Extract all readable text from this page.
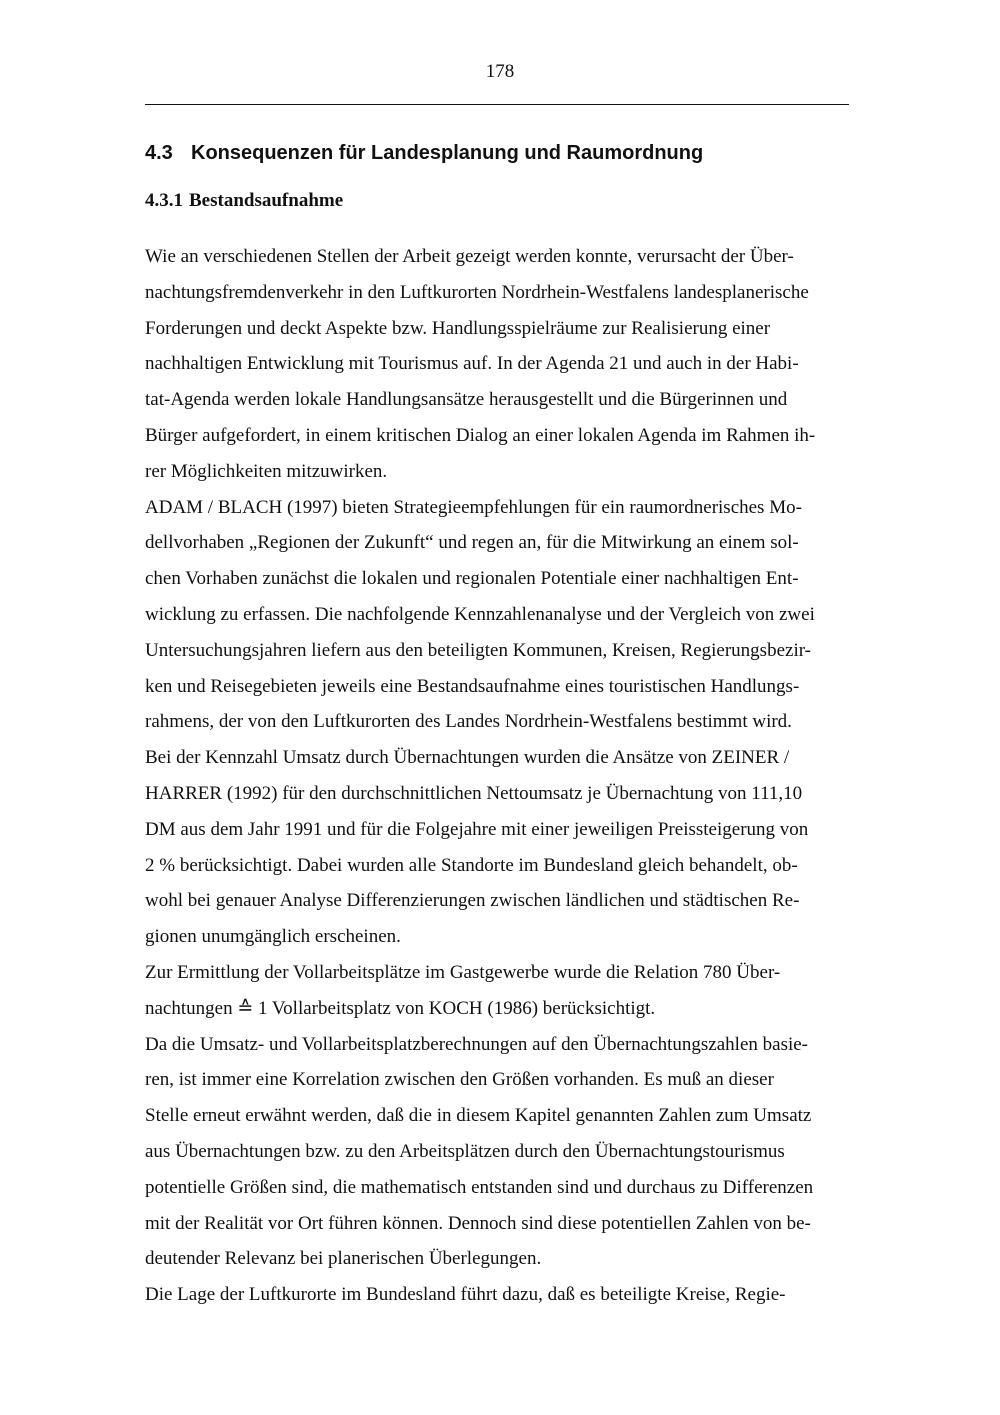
178
4.3 Konsequenzen für Landesplanung und Raumordnung
4.3.1 Bestandsaufnahme
Wie an verschiedenen Stellen der Arbeit gezeigt werden konnte, verursacht der Über-
nachtungsfremdenverkehr in den Luftkurorten Nordrhein-Westfalens landesplanerische
Forderungen und deckt Aspekte bzw. Handlungsspielräume zur Realisierung einer
nachhaltigen Entwicklung mit Tourismus auf. In der Agenda 21 und auch in der Habi-
tat-Agenda werden lokale Handlungsansätze herausgestellt und die Bürgerinnen und
Bürger aufgefordert, in einem kritischen Dialog an einer lokalen Agenda im Rahmen ih-
rer Möglichkeiten mitzuwirken.
ADAM / BLACH (1997) bieten Strategieempfehlungen für ein raumordnerisches Mo-
dellvorhaben „Regionen der Zukunft“ und regen an, für die Mitwirkung an einem sol-
chen Vorhaben zunächst die lokalen und regionalen Potentiale einer nachhaltigen Ent-
wicklung zu erfassen. Die nachfolgende Kennzahlenanalyse und der Vergleich von zwei
Untersuchungsjahren liefern aus den beteiligten Kommunen, Kreisen, Regierungsbezir-
ken und Reisegebieten jeweils eine Bestandsaufnahme eines touristischen Handlungs-
rahmens, der von den Luftkurorten des Landes Nordrhein-Westfalens bestimmt wird.
Bei der Kennzahl Umsatz durch Übernachtungen wurden die Ansätze von ZEINER /
HARRER (1992) für den durchschnittlichen Nettoumsatz je Übernachtung von 111,10
DM aus dem Jahr 1991 und für die Folgejahre mit einer jeweiligen Preissteigerung von
2 % berücksichtigt. Dabei wurden alle Standorte im Bundesland gleich behandelt, ob-
wohl bei genauer Analyse Differenzierungen zwischen ländlichen und städtischen Re-
gionen unumgänglich erscheinen.
Zur Ermittlung der Vollarbeitsplätze im Gastgewerbe wurde die Relation 780 Über-
nachtungen ≙ 1 Vollarbeitsplatz von KOCH (1986) berücksichtigt.
Da die Umsatz- und Vollarbeitsplatzberechnungen auf den Übernachtungszahlen basie-
ren, ist immer eine Korrelation zwischen den Größen vorhanden. Es muß an dieser
Stelle erneut erwähnt werden, daß die in diesem Kapitel genannten Zahlen zum Umsatz
aus Übernachtungen bzw. zu den Arbeitsplätzen durch den Übernachtungstourismus
potentielle Größen sind, die mathematisch entstanden sind und durchaus zu Differenzen
mit der Realität vor Ort führen können. Dennoch sind diese potentiellen Zahlen von be-
deutender Relevanz bei planerischen Überlegungen.
Die Lage der Luftkurorte im Bundesland führt dazu, daß es beteiligte Kreise, Regie-
